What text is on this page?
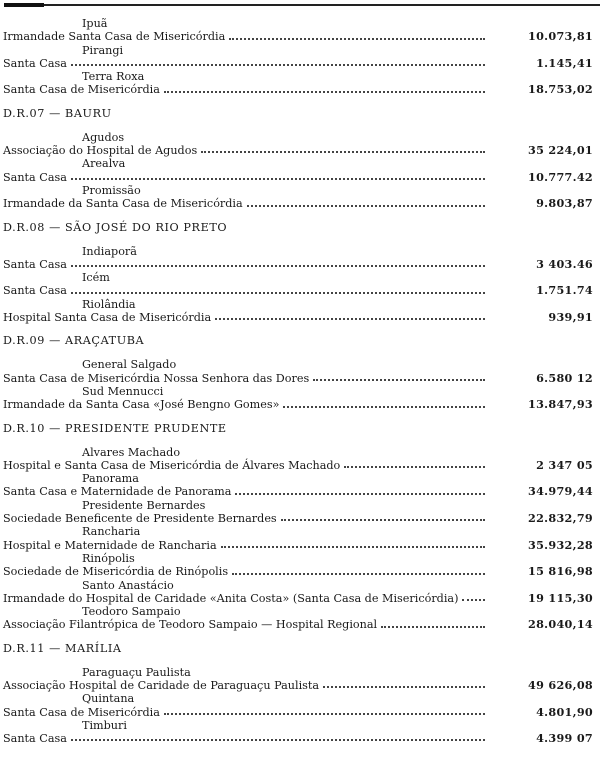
Ipuã
Irmandade Santa Casa de Misericórdia	10.073,81
Pirangi
Santa Casa	1.145,41
Terra Roxa
Santa Casa de Misericórdia	18.753,02
D.R.07 — BAURU
Agudos
Associação do Hospital de Agudos	35 224,01
Arealva
Santa Casa	10.777.42
Promissão
Irmandade da Santa Casa de Misericórdia	9.803,87
D.R.08 — SÃO JOSÉ DO RIO PRETO
Indiaporã
Santa Casa	3 403.46
Icém
Santa Casa	1.751.74
Riolândia
Hospital Santa Casa de Misericórdia	939,91
D.R.09 — ARAÇATUBA
General Salgado
Santa Casa de Misericórdia Nossa Senhora das Dores	6.580 12
Sud Mennucci
Irmandade da Santa Casa «José Bengno Gomes»	13.847,93
D.R.10 — PRESIDENTE PRUDENTE
Alvares Machado
Hospital e Santa Casa de Misericórdia de Álvares Machado	2 347 05
Panorama
Santa Casa e Maternidade de Panorama	34.979,44
Presidente Bernardes
Sociedade Beneficente de Presidente Bernardes	22.832,79
Rancharia
Hospital e Maternidade de Rancharia	35.932,28
Rinópolis
Sociedade de Misericórdia de Rinópolis	15 816,98
Santo Anastácio
Irmandade do Hospital de Caridade «Anita Costa» (Santa Casa de Misericórdia)	19 115,30
Teodoro Sampaio
Associação Filantrópica de Teodoro Sampaio — Hospital Regional	28.040,14
D.R.11 — MARÍLIA
Paraguaçu Paulista
Associação Hospital de Caridade de Paraguaçu Paulista	49 626,08
Quintana
Santa Casa de Misericórdia	4.801,90
Timburi
Santa Casa	4.399 07
